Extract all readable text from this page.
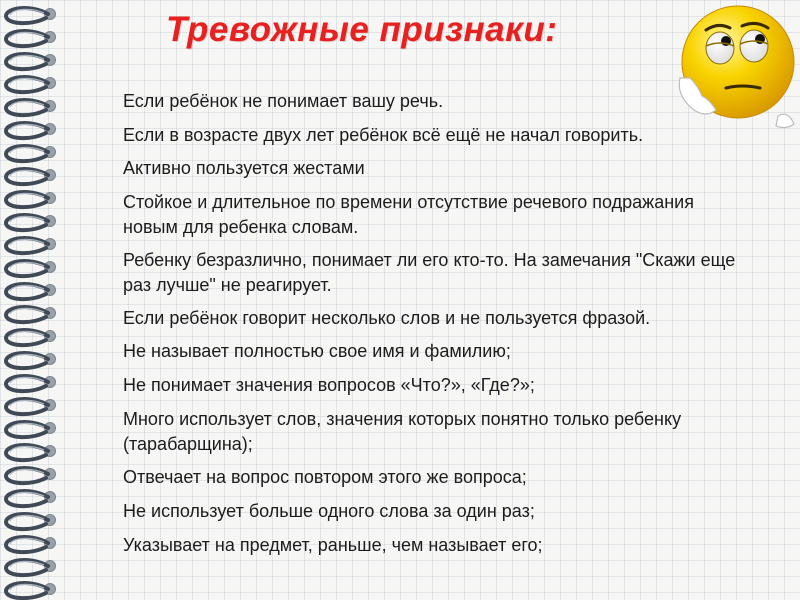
Тревожные признаки:
Если ребёнок не понимает вашу речь.
Если в возрасте двух лет ребёнок всё ещё не начал говорить.
Активно пользуется жестами
Стойкое и длительное по времени отсутствие речевого подражания новым для ребенка словам.
Ребенку безразлично, понимает ли его кто-то. На замечания "Скажи еще раз лучше" не реагирует.
Если ребёнок говорит несколько слов и не пользуется фразой.
Не называет полностью свое имя и фамилию;
Не понимает значения вопросов «Что?», «Где?»;
Много использует слов, значения которых понятно только ребенку (тарабарщина);
Отвечает на вопрос повтором этого же вопроса;
Не использует больше одного слова за один раз;
Указывает на предмет, раньше, чем называет его;
